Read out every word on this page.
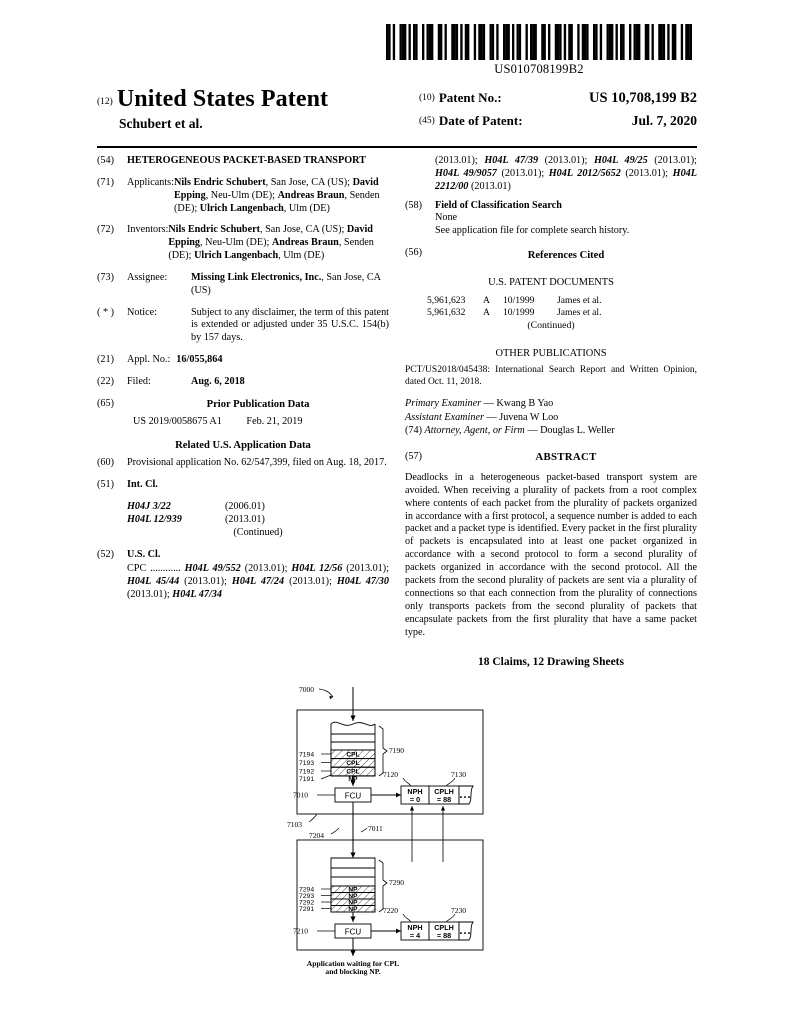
US010708199B2
(12) United States Patent
Schubert et al.
(10) Patent No.:	US 10,708,199 B2
(45) Date of Patent:	Jul. 7, 2020
(54)	HETEROGENEOUS PACKET-BASED TRANSPORT
(71)	Applicants: Nils Endric Schubert, San Jose, CA (US); David Epping, Neu-Ulm (DE); Andreas Braun, Senden (DE); Ulrich Langenbach, Ulm (DE)
(72)	Inventors: Nils Endric Schubert, San Jose, CA (US); David Epping, Neu-Ulm (DE); Andreas Braun, Senden (DE); Ulrich Langenbach, Ulm (DE)
(73)	Assignee:	Missing Link Electronics, Inc., San Jose, CA (US)
( * )	Notice:	Subject to any disclaimer, the term of this patent is extended or adjusted under 35 U.S.C. 154(b) by 157 days.
(21)	Appl. No.: 16/055,864
(22)	Filed:	Aug. 6, 2018
(65)	Prior Publication Data
US 2019/0058675 A1 Feb. 21, 2019
Related U.S. Application Data
(60)	Provisional application No. 62/547,399, filed on Aug. 18, 2017.
(51)	Int. Cl.
H04J 3/22	(2006.01)
H04L 12/939	(2013.01)
(Continued)
(52)	U.S. Cl.
CPC ............ H04L 49/552 (2013.01); H04L 12/56 (2013.01); H04L 45/44 (2013.01); H04L 47/24 (2013.01); H04L 47/30 (2013.01); H04L 47/34
(2013.01); H04L 47/39 (2013.01); H04L 49/25 (2013.01); H04L 49/9057 (2013.01); H04L 2012/5652 (2013.01); H04L 2212/00 (2013.01)
(58)	Field of Classification Search
None
See application file for complete search history.
(56)	References Cited
U.S. PATENT DOCUMENTS
5,961,623	A	10/1999	James et al.
5,961,632	A	10/1999	James et al.
(Continued)
OTHER PUBLICATIONS
PCT/US2018/045438: International Search Report and Written Opinion, dated Oct. 11, 2018.
Primary Examiner — Kwang B Yao
Assistant Examiner — Juvena W Loo
(74) Attorney, Agent, or Firm — Douglas L. Weller
(57)	ABSTRACT
Deadlocks in a heterogeneous packet-based transport system are avoided. When receiving a plurality of packets from a root complex where contents of each packet from the plurality of packets organized in accordance with a first protocol, a sequence number is added to each packet and a packet type is identified. Every packet in the first plurality of packets is encapsulated into at least one packet organized in accordance with a second protocol to form a second plurality of packets organized in accordance with the second protocol. All the packets from the second plurality of packets are sent via a plurality of connections so that each connection from the plurality of connections only transports packets from the second plurality of packets that encapsulate packets from the first plurality that have a same packet type.
18 Claims, 12 Drawing Sheets
7000
CPL
CPL
CPL
NP
7190
7194
7193
7192
7191
FCU
7010	NPH
= 0
CPLH
= 88 • • •
7120	7130
7103
7204
7011
NP
NP
NP
NP
7290
7294
7293
7292
7291
FCU
7210	NPH
= 4
CPLH
= 88 • • •
7220	7230
Application waiting for CPL
and blocking NP.
